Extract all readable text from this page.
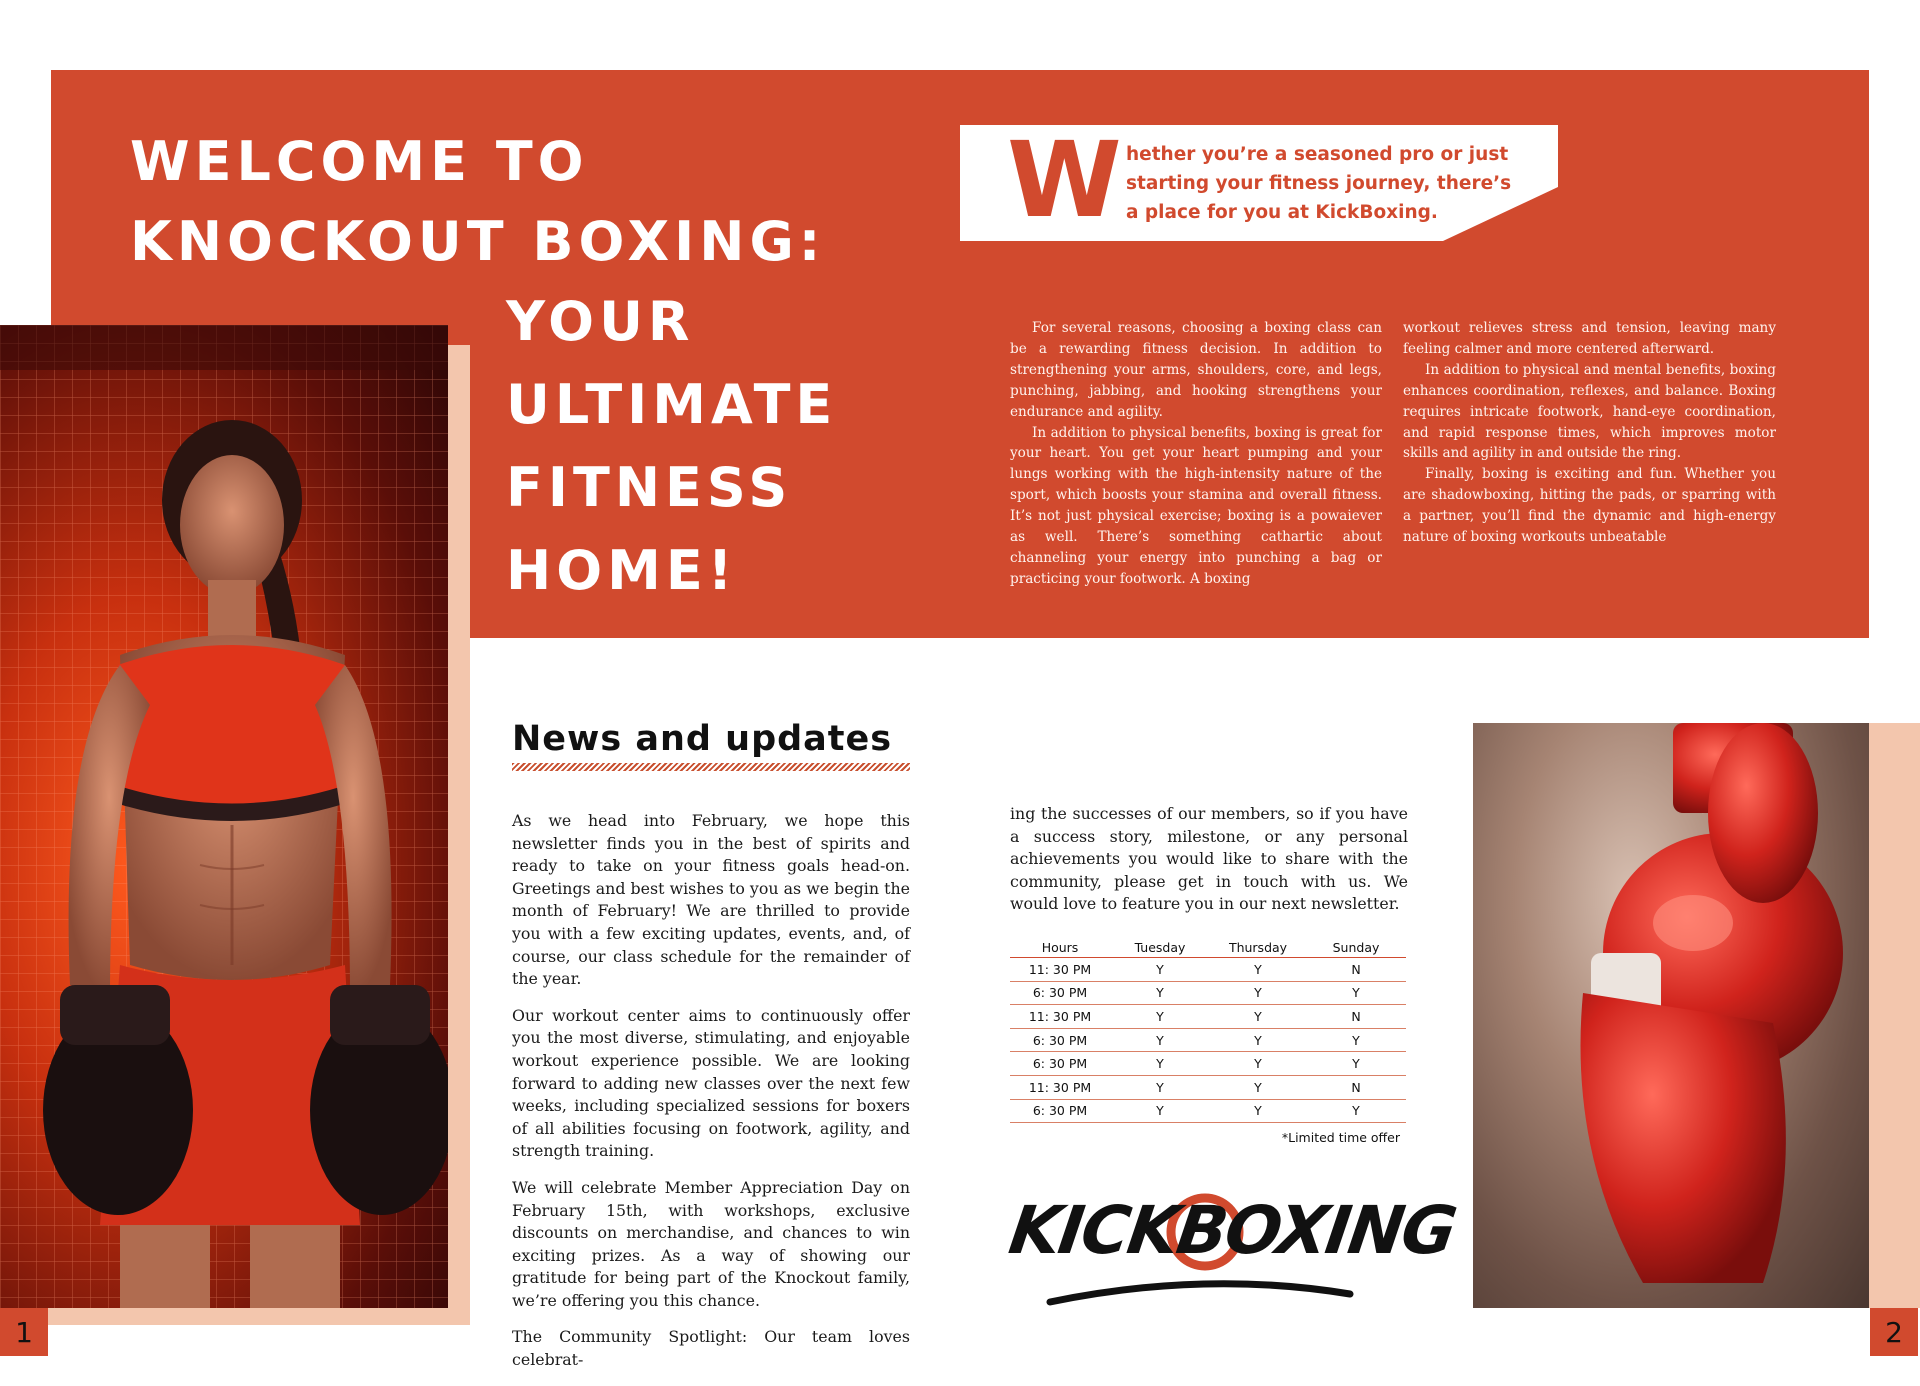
WELCOME TO
KNOCKOUT BOXING:
YOUR
ULTIMATE
FITNESS
HOME!
W hether you’re a seasoned pro or just
starting your fitness journey, there’s
a place for you at KickBoxing.

For several reasons, choosing a boxing class can be a rewarding fitness decision. In addition to strengthening your arms, shoulders, core, and legs, punching, jabbing, and hooking strengthens your endurance and agility.

In addition to physical benefits, boxing is great for your heart. You get your heart pumping and your lungs working with the high-intensity nature of the sport, which boosts your stamina and overall fitness. It’s not just physical exercise; boxing is a powaiever as well. There’s something cathartic about channeling your energy into punching a bag or practicing your footwork. A boxing

workout relieves stress and tension, leaving many feeling calmer and more centered afterward.

In addition to physical and mental benefits, boxing enhances coordination, reflexes, and balance. Boxing requires intricate footwork, hand-eye coordination, and rapid response times, which improves motor skills and agility in and outside the ring.

Finally, boxing is exciting and fun. Whether you are shadowboxing, hitting the pads, or sparring with a partner, you’ll find the dynamic and high-energy nature of boxing workouts unbeatable

News and updates

As we head into February, we hope this newsletter finds you in the best of spirits and ready to take on your fitness goals head-on. Greetings and best wishes to you as we begin the month of February! We are thrilled to provide you with a few exciting updates, events, and, of course, our class schedule for the remainder of the year.

Our workout center aims to continuously offer you the most diverse, stimulating, and enjoyable workout experience possible. We are looking forward to adding new classes over the next few weeks, including specialized sessions for boxers of all abilities focusing on footwork, agility, and strength training.

We will celebrate Member Appreciation Day on February 15th, with workshops, exclusive discounts on merchandise, and chances to win exciting prizes. As a way of showing our gratitude for being part of the Knockout family, we’re offering you this chance.

The Community Spotlight: Our team loves celebrat-

ing the successes of our members, so if you have a success story, milestone, or any personal achievements you would like to share with the community, please get in touch with us. We would love to feature you in our next newsletter.

Hours	Tuesday	Thursday	Sunday
11: 30 PM	Y	Y	N
6: 30 PM	Y	Y	Y
11: 30 PM	Y	Y	N
6: 30 PM	Y	Y	Y
6: 30 PM	Y	Y	Y
11: 30 PM	Y	Y	N
6: 30 PM	Y	Y	Y
*Limited time offer
KICKBOXING
1	2
